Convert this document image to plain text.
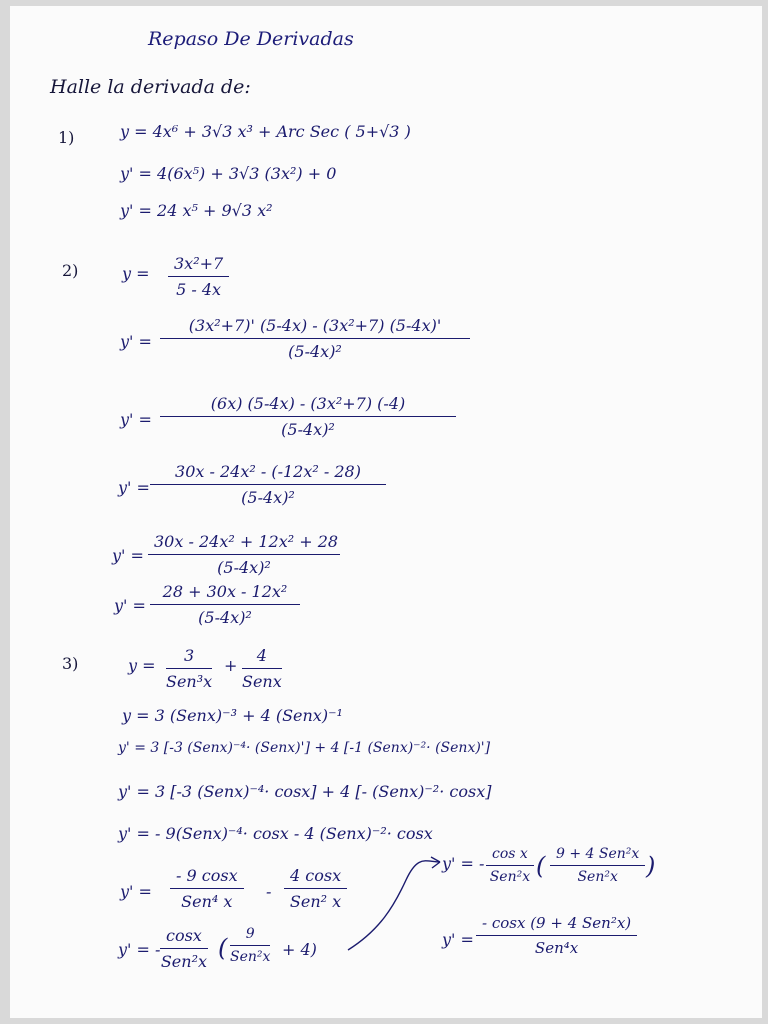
Repaso De Derivadas
Halle la derivada de:
1)	y = 4x⁶ + 3√3 x³ + Arc Sec ( 5+√3 )
y' = 4(6x⁵) + 3√3 (3x²) + 0
y' = 24 x⁵ + 9√3 x²
2)	$y = \frac{\text{3x²+7}}{5 - 4x}$
$y' = \frac{\text{(3x²+7)' (5-4x) - (3x²+7) (5-4x)'}}{\text{(5-4x)²}}$
$y' = \frac{\text{(6x) (5-4x) - (3x²+7) (-4)}}{\text{(5-4x)²}}$
$y' = \frac{\text{30x - 24x² - (-12x² - 28)}}{\text{(5-4x)²}}$
$y' = \frac{\text{30x - 24x² + 12x² + 28}}{\text{(5-4x)²}}$
$y' = \frac{\text{28 + 30x - 12x²}}{\text{(5-4x)²}}$
3)	y =
3
Sen³x
+
4
Senx
y = 3 (Senx)⁻³ + 4 (Senx)⁻¹
y' = 3 [-3 (Senx)⁻⁴· (Senx)'] + 4 [-1 (Senx)⁻²· (Senx)']
y' = 3 [-3 (Senx)⁻⁴· cosx] + 4 [- (Senx)⁻²· cosx]
y' = - 9(Senx)⁻⁴· cosx - 4 (Senx)⁻²· cosx
y' =
- 9 cosx
Sen⁴ x
-
4 cosx
Sen² x
y' = -
cosx
Sen²x (	9
Sen²x + 4)
y' = - cos x
Sen²x ( 9 + 4 Sen²x
Sen²x	)
y' =
- cosx (9 + 4 Sen²x)
Sen⁴x
